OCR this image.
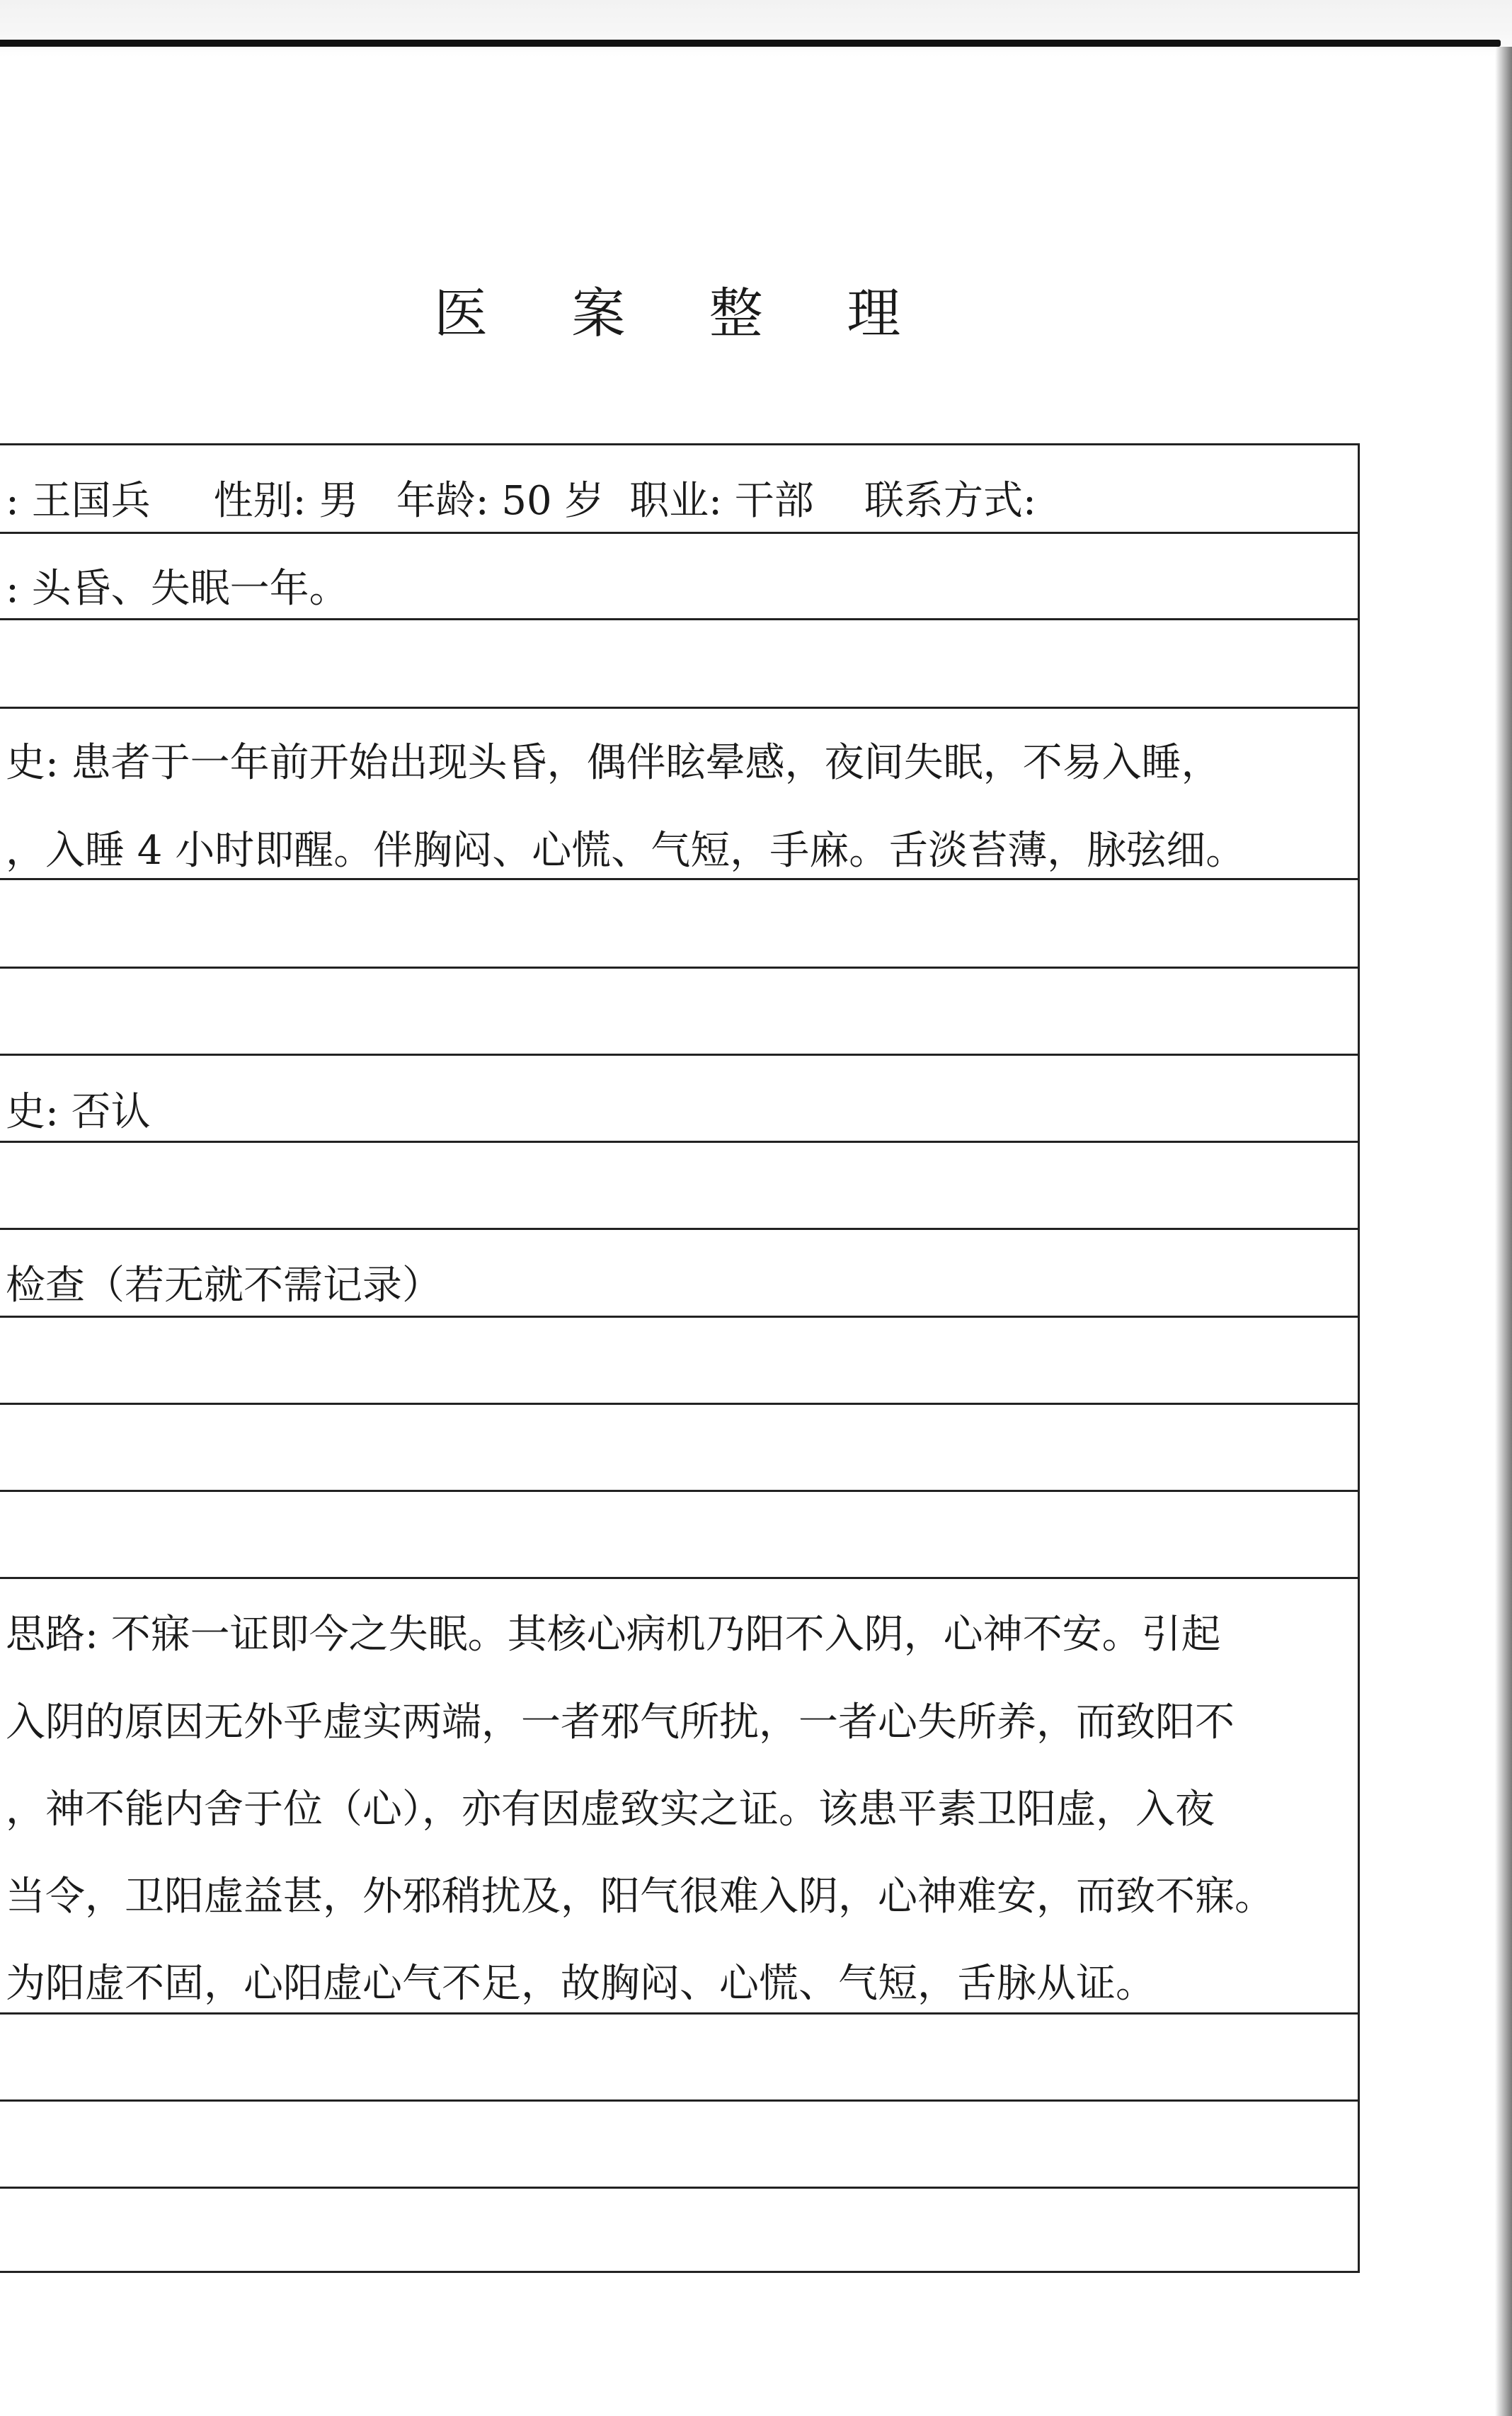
医 案 整 理
: 王国兵     性别: 男   年龄: 50 岁  职业: 干部    联系方式:
: 头昏、失眠一年。
史: 患者于一年前开始出现头昏，偶伴眩晕感，夜间失眠，不易入睡，
，入睡 4 小时即醒。伴胸闷、心慌、气短，手麻。舌淡苔薄，脉弦细。
史: 否认
检查（若无就不需记录）
思路: 不寐一证即今之失眠。其核心病机乃阳不入阴，心神不安。引起
入阴的原因无外乎虚实两端，一者邪气所扰，一者心失所养，而致阳不
，神不能内舍于位（心），亦有因虚致实之证。该患平素卫阳虚，入夜
当令，卫阳虚益甚，外邪稍扰及，阳气很难入阴，心神难安，而致不寐。
为阳虚不固，心阳虚心气不足，故胸闷、心慌、气短，舌脉从证。
